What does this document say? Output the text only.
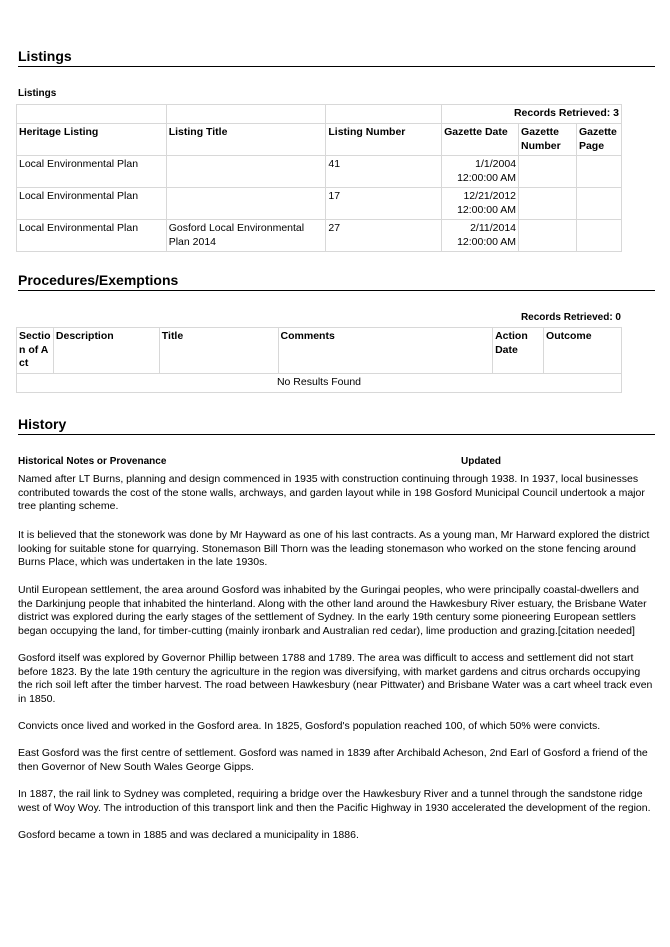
Listings
Listings
			Records Retrieved: 3		
Heritage Listing	Listing Title	Listing Number	Gazette Date	Gazette Number	Gazette Page
Local Environmental Plan		41	1/1/2004
12:00:00 AM		
Local Environmental Plan		17	12/21/2012
12:00:00 AM		
Local Environmental Plan	Gosford Local Environmental Plan 2014	27	2/11/2014
12:00:00 AM		
Procedures/Exemptions
Records Retrieved: 0
Section of Act	Description	Title	Comments	Action Date	Outcome
No Results Found
History
Historical Notes or Provenance	Updated

Named after LT Burns, planning and design commenced in 1935 with construction continuing through 1938. In 1937, local businesses contributed towards the cost of the stone walls, archways, and garden layout while in 198 Gosford Municipal Council undertook a major tree planting scheme.

It is believed that the stonework was done by Mr Hayward as one of his last contracts. As a young man, Mr Harward explored the district looking for suitable stone for quarrying. Stonemason Bill Thorn was the leading stonemason who worked on the stone fencing around Burns Place, which was undertaken in the late 1930s.

Until European settlement, the area around Gosford was inhabited by the Guringai peoples, who were principally coastal-dwellers and the Darkinjung people that inhabited the hinterland. Along with the other land around the Hawkesbury River estuary, the Brisbane Water district was explored during the early stages of the settlement of Sydney. In the early 19th century some pioneering European settlers began occupying the land, for timber-cutting (mainly ironbark and Australian red cedar), lime production and grazing.[citation needed]

Gosford itself was explored by Governor Phillip between 1788 and 1789. The area was difficult to access and settlement did not start before 1823. By the late 19th century the agriculture in the region was diversifying, with market gardens and citrus orchards occupying the rich soil left after the timber harvest. The road between Hawkesbury (near Pittwater) and Brisbane Water was a cart wheel track even in 1850.

Convicts once lived and worked in the Gosford area. In 1825, Gosford's population reached 100, of which 50% were convicts.

East Gosford was the first centre of settlement. Gosford was named in 1839 after Archibald Acheson, 2nd Earl of Gosford a friend of the then Governor of New South Wales George Gipps.

In 1887, the rail link to Sydney was completed, requiring a bridge over the Hawkesbury River and a tunnel through the sandstone ridge west of Woy Woy. The introduction of this transport link and then the Pacific Highway in 1930 accelerated the development of the region.

Gosford became a town in 1885 and was declared a municipality in 1886.
